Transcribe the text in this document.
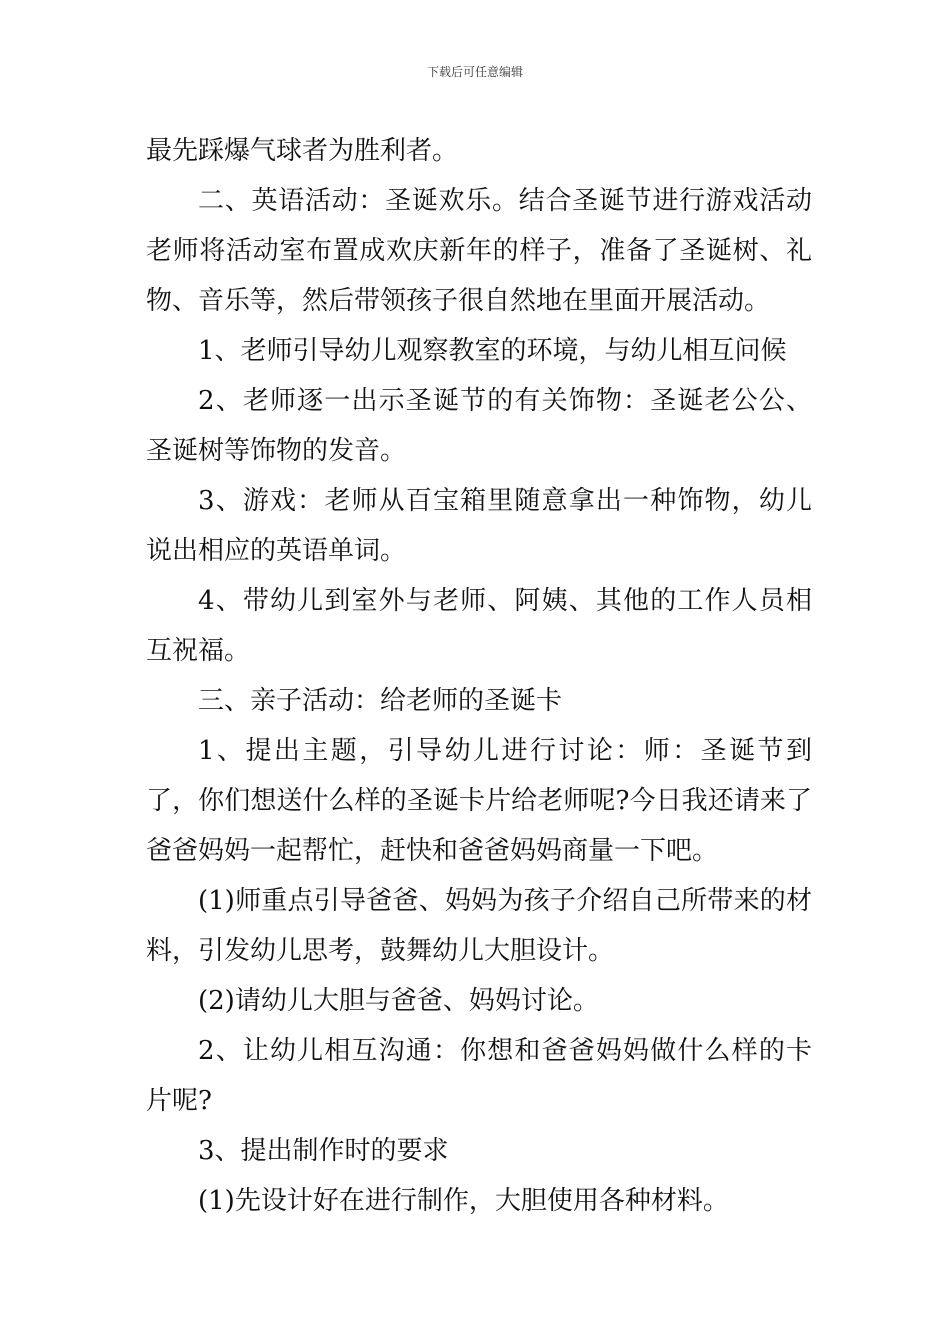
下载后可任意编辑

最先踩爆气球者为胜利者。

二、英语活动：圣诞欢乐。结合圣诞节进行游戏活动老师将活动室布置成欢庆新年的样子，准备了圣诞树、礼物、音乐等，然后带领孩子很自然地在里面开展活动。

1、老师引导幼儿观察教室的环境，与幼儿相互问候

2、老师逐一出示圣诞节的有关饰物：圣诞老公公、圣诞树等饰物的发音。

3、游戏：老师从百宝箱里随意拿出一种饰物，幼儿说出相应的英语单词。

4、带幼儿到室外与老师、阿姨、其他的工作人员相互祝福。

三、亲子活动：给老师的圣诞卡

1、提出主题，引导幼儿进行讨论：师：圣诞节到了，你们想送什么样的圣诞卡片给老师呢?今日我还请来了爸爸妈妈一起帮忙，赶快和爸爸妈妈商量一下吧。

(1)师重点引导爸爸、妈妈为孩子介绍自己所带来的材料，引发幼儿思考，鼓舞幼儿大胆设计。

(2)请幼儿大胆与爸爸、妈妈讨论。

2、让幼儿相互沟通：你想和爸爸妈妈做什么样的卡片呢?

3、提出制作时的要求

(1)先设计好在进行制作，大胆使用各种材料。
